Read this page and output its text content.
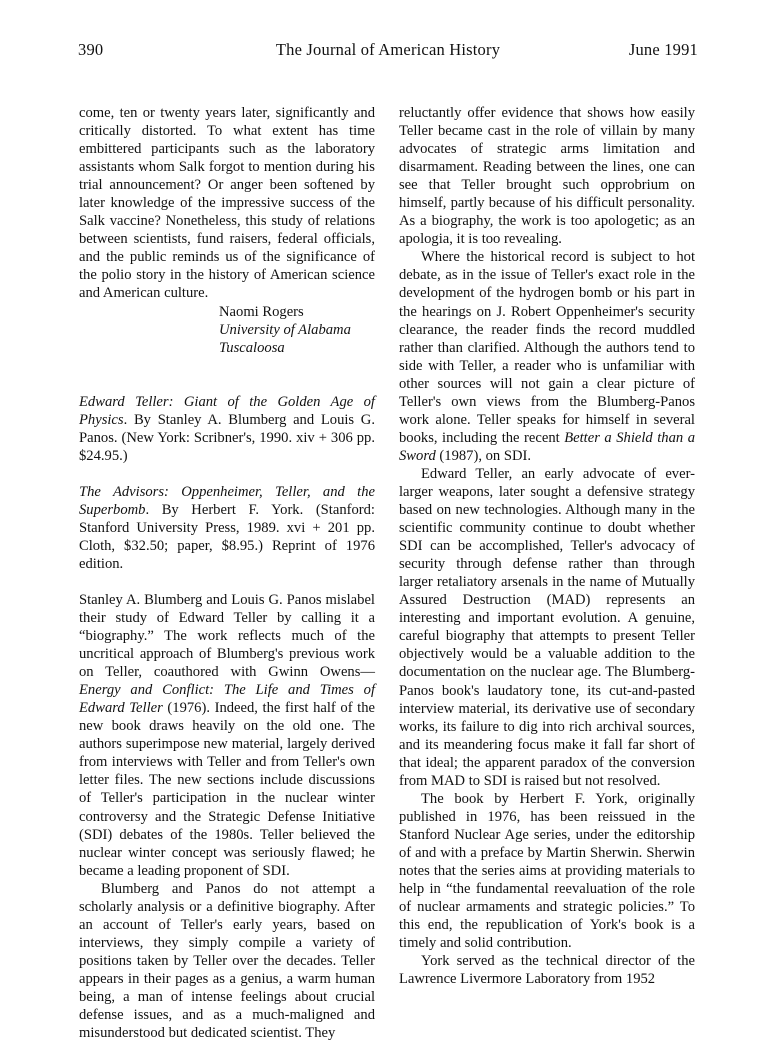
390	The Journal of American History	June 1991

come, ten or twenty years later, significantly and critically distorted. To what extent has time embittered participants such as the laboratory assistants whom Salk forgot to mention during his trial announcement? Or anger been softened by later knowledge of the impressive success of the Salk vaccine? Nonetheless, this study of relations between scientists, fund raisers, federal officials, and the public reminds us of the significance of the polio story in the history of American science and American culture.

Naomi Rogers
University of Alabama
Tuscaloosa

Edward Teller: Giant of the Golden Age of Physics. By Stanley A. Blumberg and Louis G. Panos. (New York: Scribner's, 1990. xiv + 306 pp. $24.95.)

The Advisors: Oppenheimer, Teller, and the Superbomb. By Herbert F. York. (Stanford: Stanford University Press, 1989. xvi + 201 pp. Cloth, $32.50; paper, $8.95.) Reprint of 1976 edition.

Stanley A. Blumberg and Louis G. Panos mislabel their study of Edward Teller by calling it a “biography.” The work reflects much of the uncritical approach of Blumberg's previous work on Teller, coauthored with Gwinn Owens—Energy and Conflict: The Life and Times of Edward Teller (1976). Indeed, the first half of the new book draws heavily on the old one. The authors superimpose new material, largely derived from interviews with Teller and from Teller's own letter files. The new sections include discussions of Teller's participation in the nuclear winter controversy and the Strategic Defense Initiative (SDI) debates of the 1980s. Teller believed the nuclear winter concept was seriously flawed; he became a leading proponent of SDI.

Blumberg and Panos do not attempt a scholarly analysis or a definitive biography. After an account of Teller's early years, based on interviews, they simply compile a variety of positions taken by Teller over the decades. Teller appears in their pages as a genius, a warm human being, a man of intense feelings about crucial defense issues, and as a much-maligned and misunderstood but dedicated scientist. They

reluctantly offer evidence that shows how easily Teller became cast in the role of villain by many advocates of strategic arms limitation and disarmament. Reading between the lines, one can see that Teller brought such opprobrium on himself, partly because of his difficult personality. As a biography, the work is too apologetic; as an apologia, it is too revealing.

Where the historical record is subject to hot debate, as in the issue of Teller's exact role in the development of the hydrogen bomb or his part in the hearings on J. Robert Oppenheimer's security clearance, the reader finds the record muddled rather than clarified. Although the authors tend to side with Teller, a reader who is unfamiliar with other sources will not gain a clear picture of Teller's own views from the Blumberg-Panos work alone. Teller speaks for himself in several books, including the recent Better a Shield than a Sword (1987), on SDI.

Edward Teller, an early advocate of ever-larger weapons, later sought a defensive strategy based on new technologies. Although many in the scientific community continue to doubt whether SDI can be accomplished, Teller's advocacy of security through defense rather than through larger retaliatory arsenals in the name of Mutually Assured Destruction (MAD) represents an interesting and important evolution. A genuine, careful biography that attempts to present Teller objectively would be a valuable addition to the documentation on the nuclear age. The Blumberg-Panos book's laudatory tone, its cut-and-pasted interview material, its derivative use of secondary works, its failure to dig into rich archival sources, and its meandering focus make it fall far short of that ideal; the apparent paradox of the conversion from MAD to SDI is raised but not resolved.

The book by Herbert F. York, originally published in 1976, has been reissued in the Stanford Nuclear Age series, under the editorship of and with a preface by Martin Sherwin. Sherwin notes that the series aims at providing materials to help in “the fundamental reevaluation of the role of nuclear armaments and strategic policies.” To this end, the republication of York's book is a timely and solid contribution.

York served as the technical director of the Lawrence Livermore Laboratory from 1952
